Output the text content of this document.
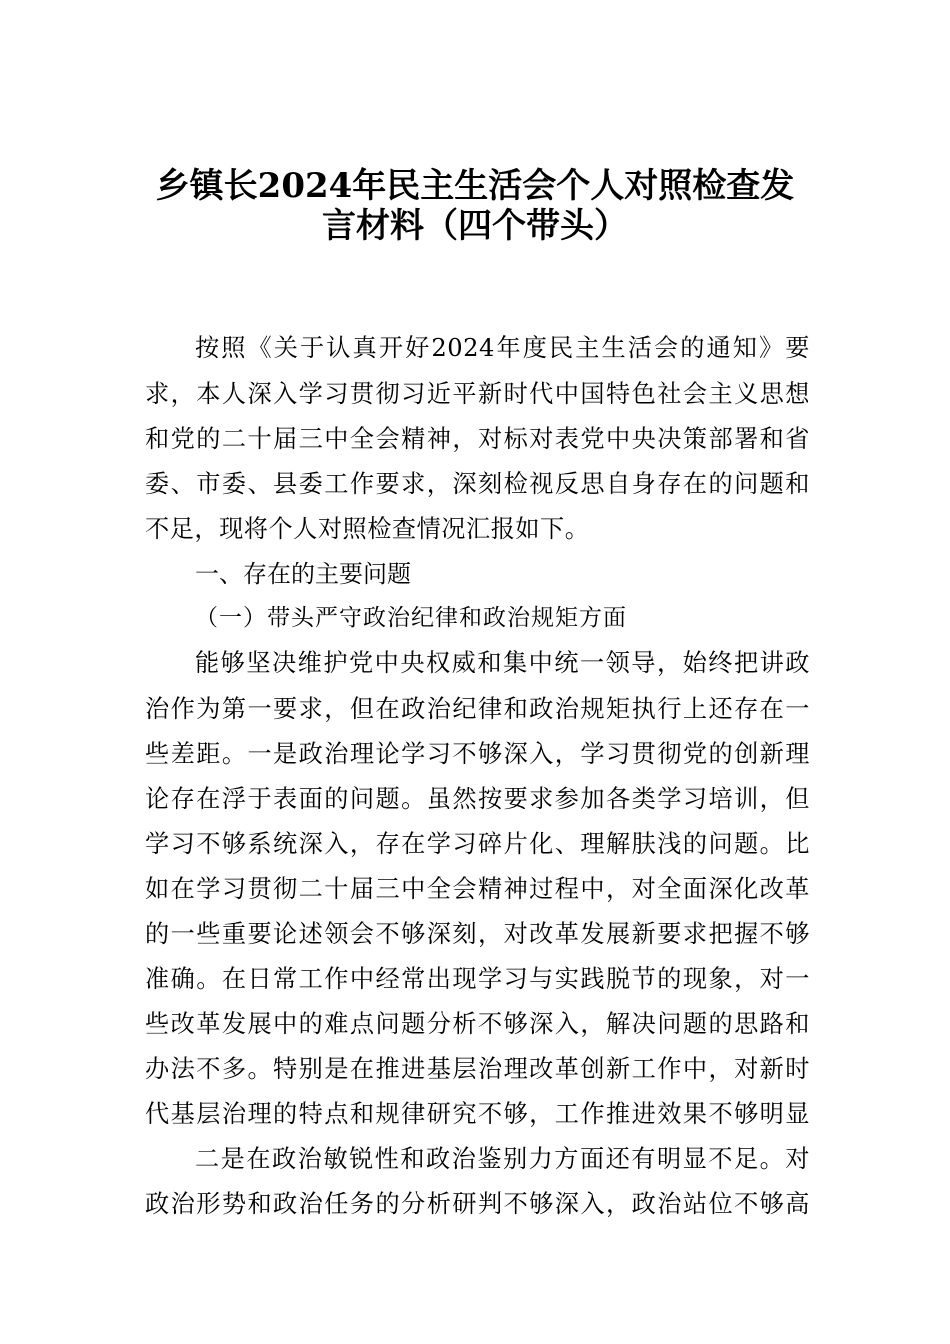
乡镇长2024年民主生活会个人对照检查发
言材料（四个带头）
按照《关于认真开好2024年度民主生活会的通知》要
求，本人深入学习贯彻习近平新时代中国特色社会主义思想
和党的二十届三中全会精神，对标对表党中央决策部署和省
委、市委、县委工作要求，深刻检视反思自身存在的问题和
不足，现将个人对照检查情况汇报如下。
一、存在的主要问题
（一）带头严守政治纪律和政治规矩方面
能够坚决维护党中央权威和集中统一领导，始终把讲政
治作为第一要求，但在政治纪律和政治规矩执行上还存在一
些差距。一是政治理论学习不够深入，学习贯彻党的创新理
论存在浮于表面的问题。虽然按要求参加各类学习培训，但
学习不够系统深入，存在学习碎片化、理解肤浅的问题。比
如在学习贯彻二十届三中全会精神过程中，对全面深化改革
的一些重要论述领会不够深刻，对改革发展新要求把握不够
准确。在日常工作中经常出现学习与实践脱节的现象，对一
些改革发展中的难点问题分析不够深入，解决问题的思路和
办法不多。特别是在推进基层治理改革创新工作中，对新时
代基层治理的特点和规律研究不够，工作推进效果不够明显
二是在政治敏锐性和政治鉴别力方面还有明显不足。对
政治形势和政治任务的分析研判不够深入，政治站位不够高
